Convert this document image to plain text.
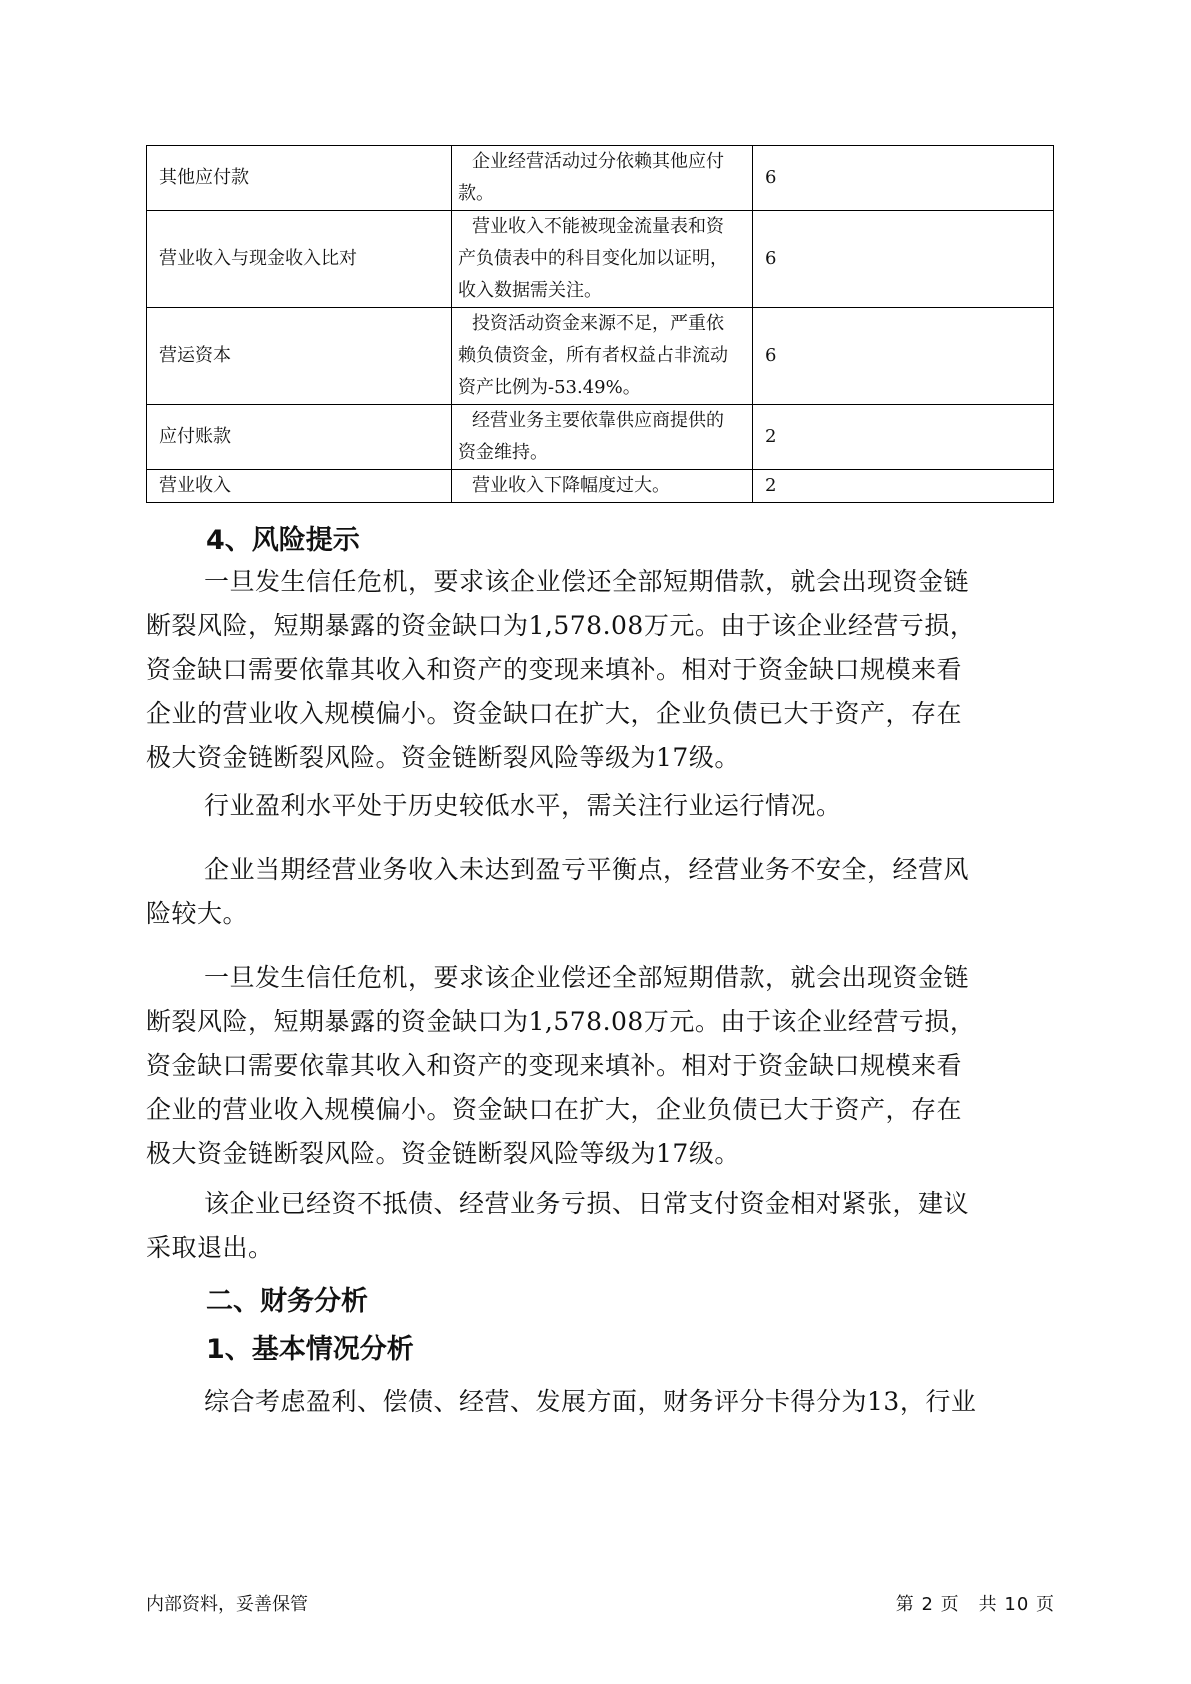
其他应付款	企业经营活动过分依赖其他应付
款。	6
营业收入与现金收入比对	营业收入不能被现金流量表和资
产负债表中的科目变化加以证明，
收入数据需关注。	6
营运资本	投资活动资金来源不足，严重依
赖负债资金，所有者权益占非流动
资产比例为-53.49%。	6
应付账款	经营业务主要依靠供应商提供的
资金维持。	2
营业收入	营业收入下降幅度过大。	2
4、风险提示

一旦发生信任危机，要求该企业偿还全部短期借款，就会出现资金链
断裂风险，短期暴露的资金缺口为1,578.08万元。由于该企业经营亏损，
资金缺口需要依靠其收入和资产的变现来填补。相对于资金缺口规模来看
企业的营业收入规模偏小。资金缺口在扩大，企业负债已大于资产，存在
极大资金链断裂风险。资金链断裂风险等级为17级。

行业盈利水平处于历史较低水平，需关注行业运行情况。

企业当期经营业务收入未达到盈亏平衡点，经营业务不安全，经营风
险较大。

一旦发生信任危机，要求该企业偿还全部短期借款，就会出现资金链
断裂风险，短期暴露的资金缺口为1,578.08万元。由于该企业经营亏损，
资金缺口需要依靠其收入和资产的变现来填补。相对于资金缺口规模来看
企业的营业收入规模偏小。资金缺口在扩大，企业负债已大于资产，存在
极大资金链断裂风险。资金链断裂风险等级为17级。

该企业已经资不抵债、经营业务亏损、日常支付资金相对紧张，建议
采取退出。

二、财务分析
1、基本情况分析

综合考虑盈利、偿债、经营、发展方面，财务评分卡得分为13，行业

内部资料，妥善保管	第 2 页　共 10 页
